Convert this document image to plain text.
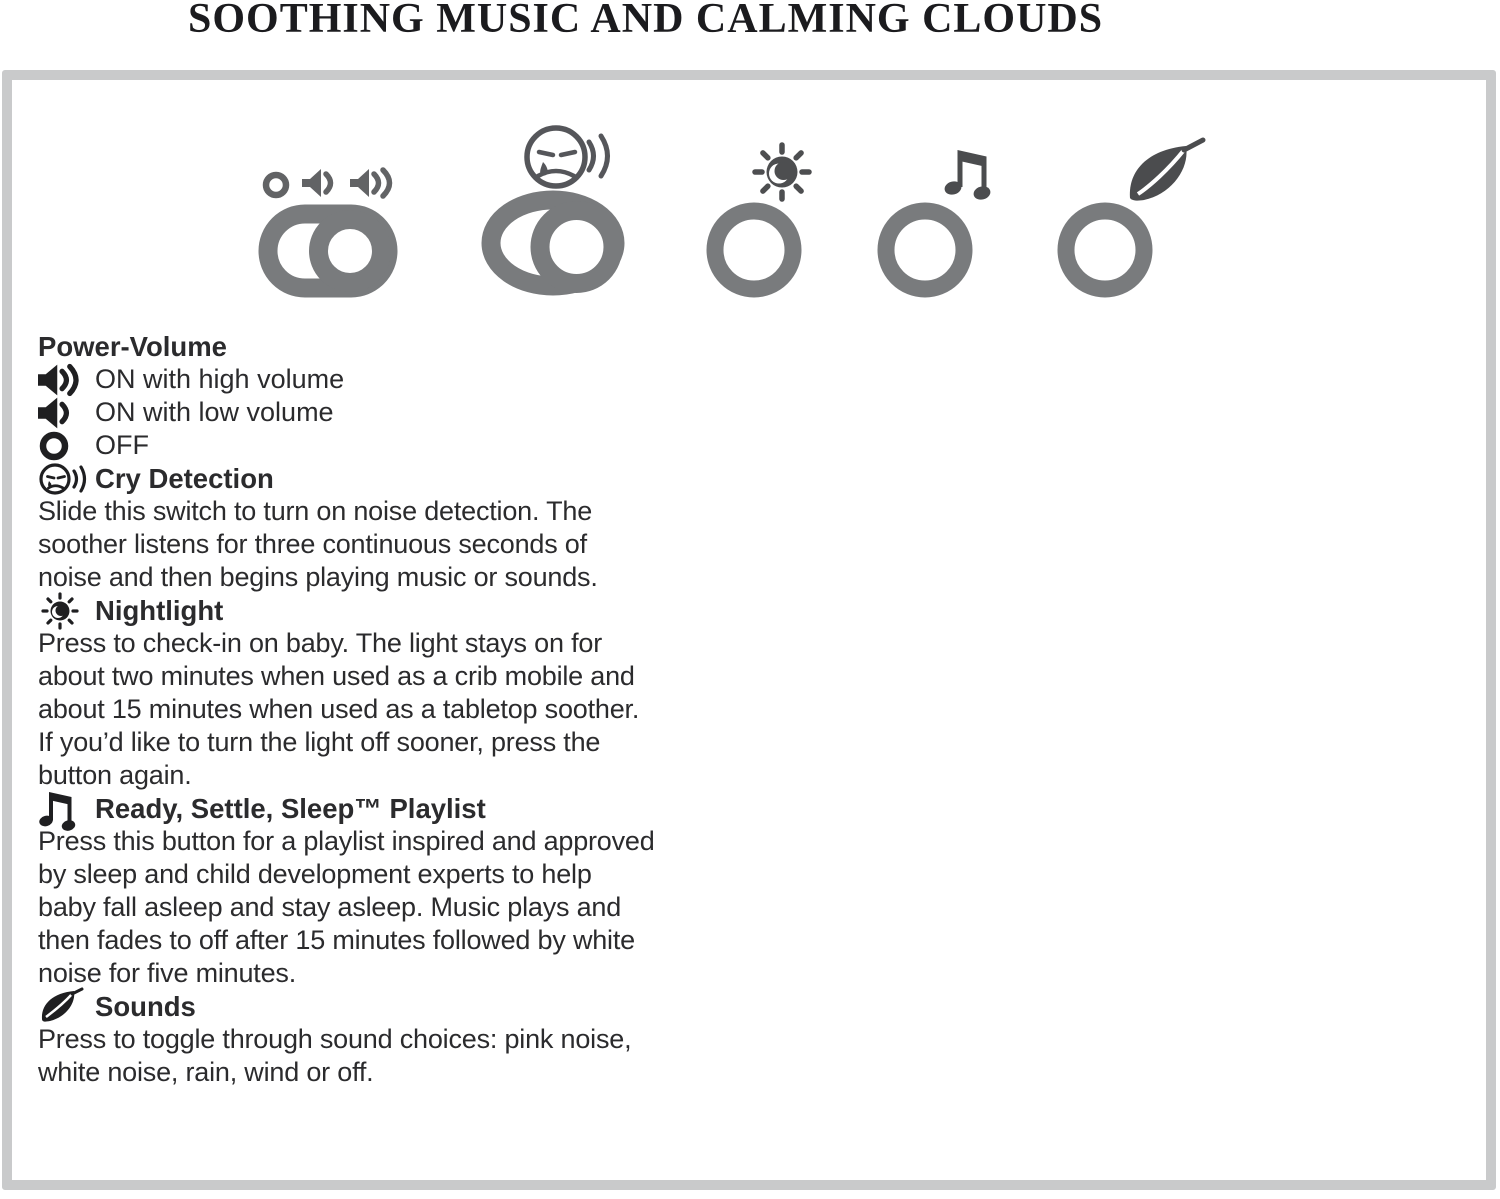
SOOTHING MUSIC AND CALMING CLOUDS
Power-Volume
ON with high volume
ON with low volume
OFF
Cry Detection
Slide this switch to turn on noise detection. The
soother listens for three continuous seconds of
noise and then begins playing music or sounds.
Nightlight
Press to check-in on baby. The light stays on for
about two minutes when used as a crib mobile and
about 15 minutes when used as a tabletop soother.
If you’d like to turn the light off sooner, press the
button again.
Ready, Settle, Sleep™ Playlist
Press this button for a playlist inspired and approved
by sleep and child development experts to help
baby fall asleep and stay asleep. Music plays and
then fades to off after 15 minutes followed by white
noise for five minutes.
Sounds
Press to toggle through sound choices: pink noise,
white noise, rain, wind or off.
